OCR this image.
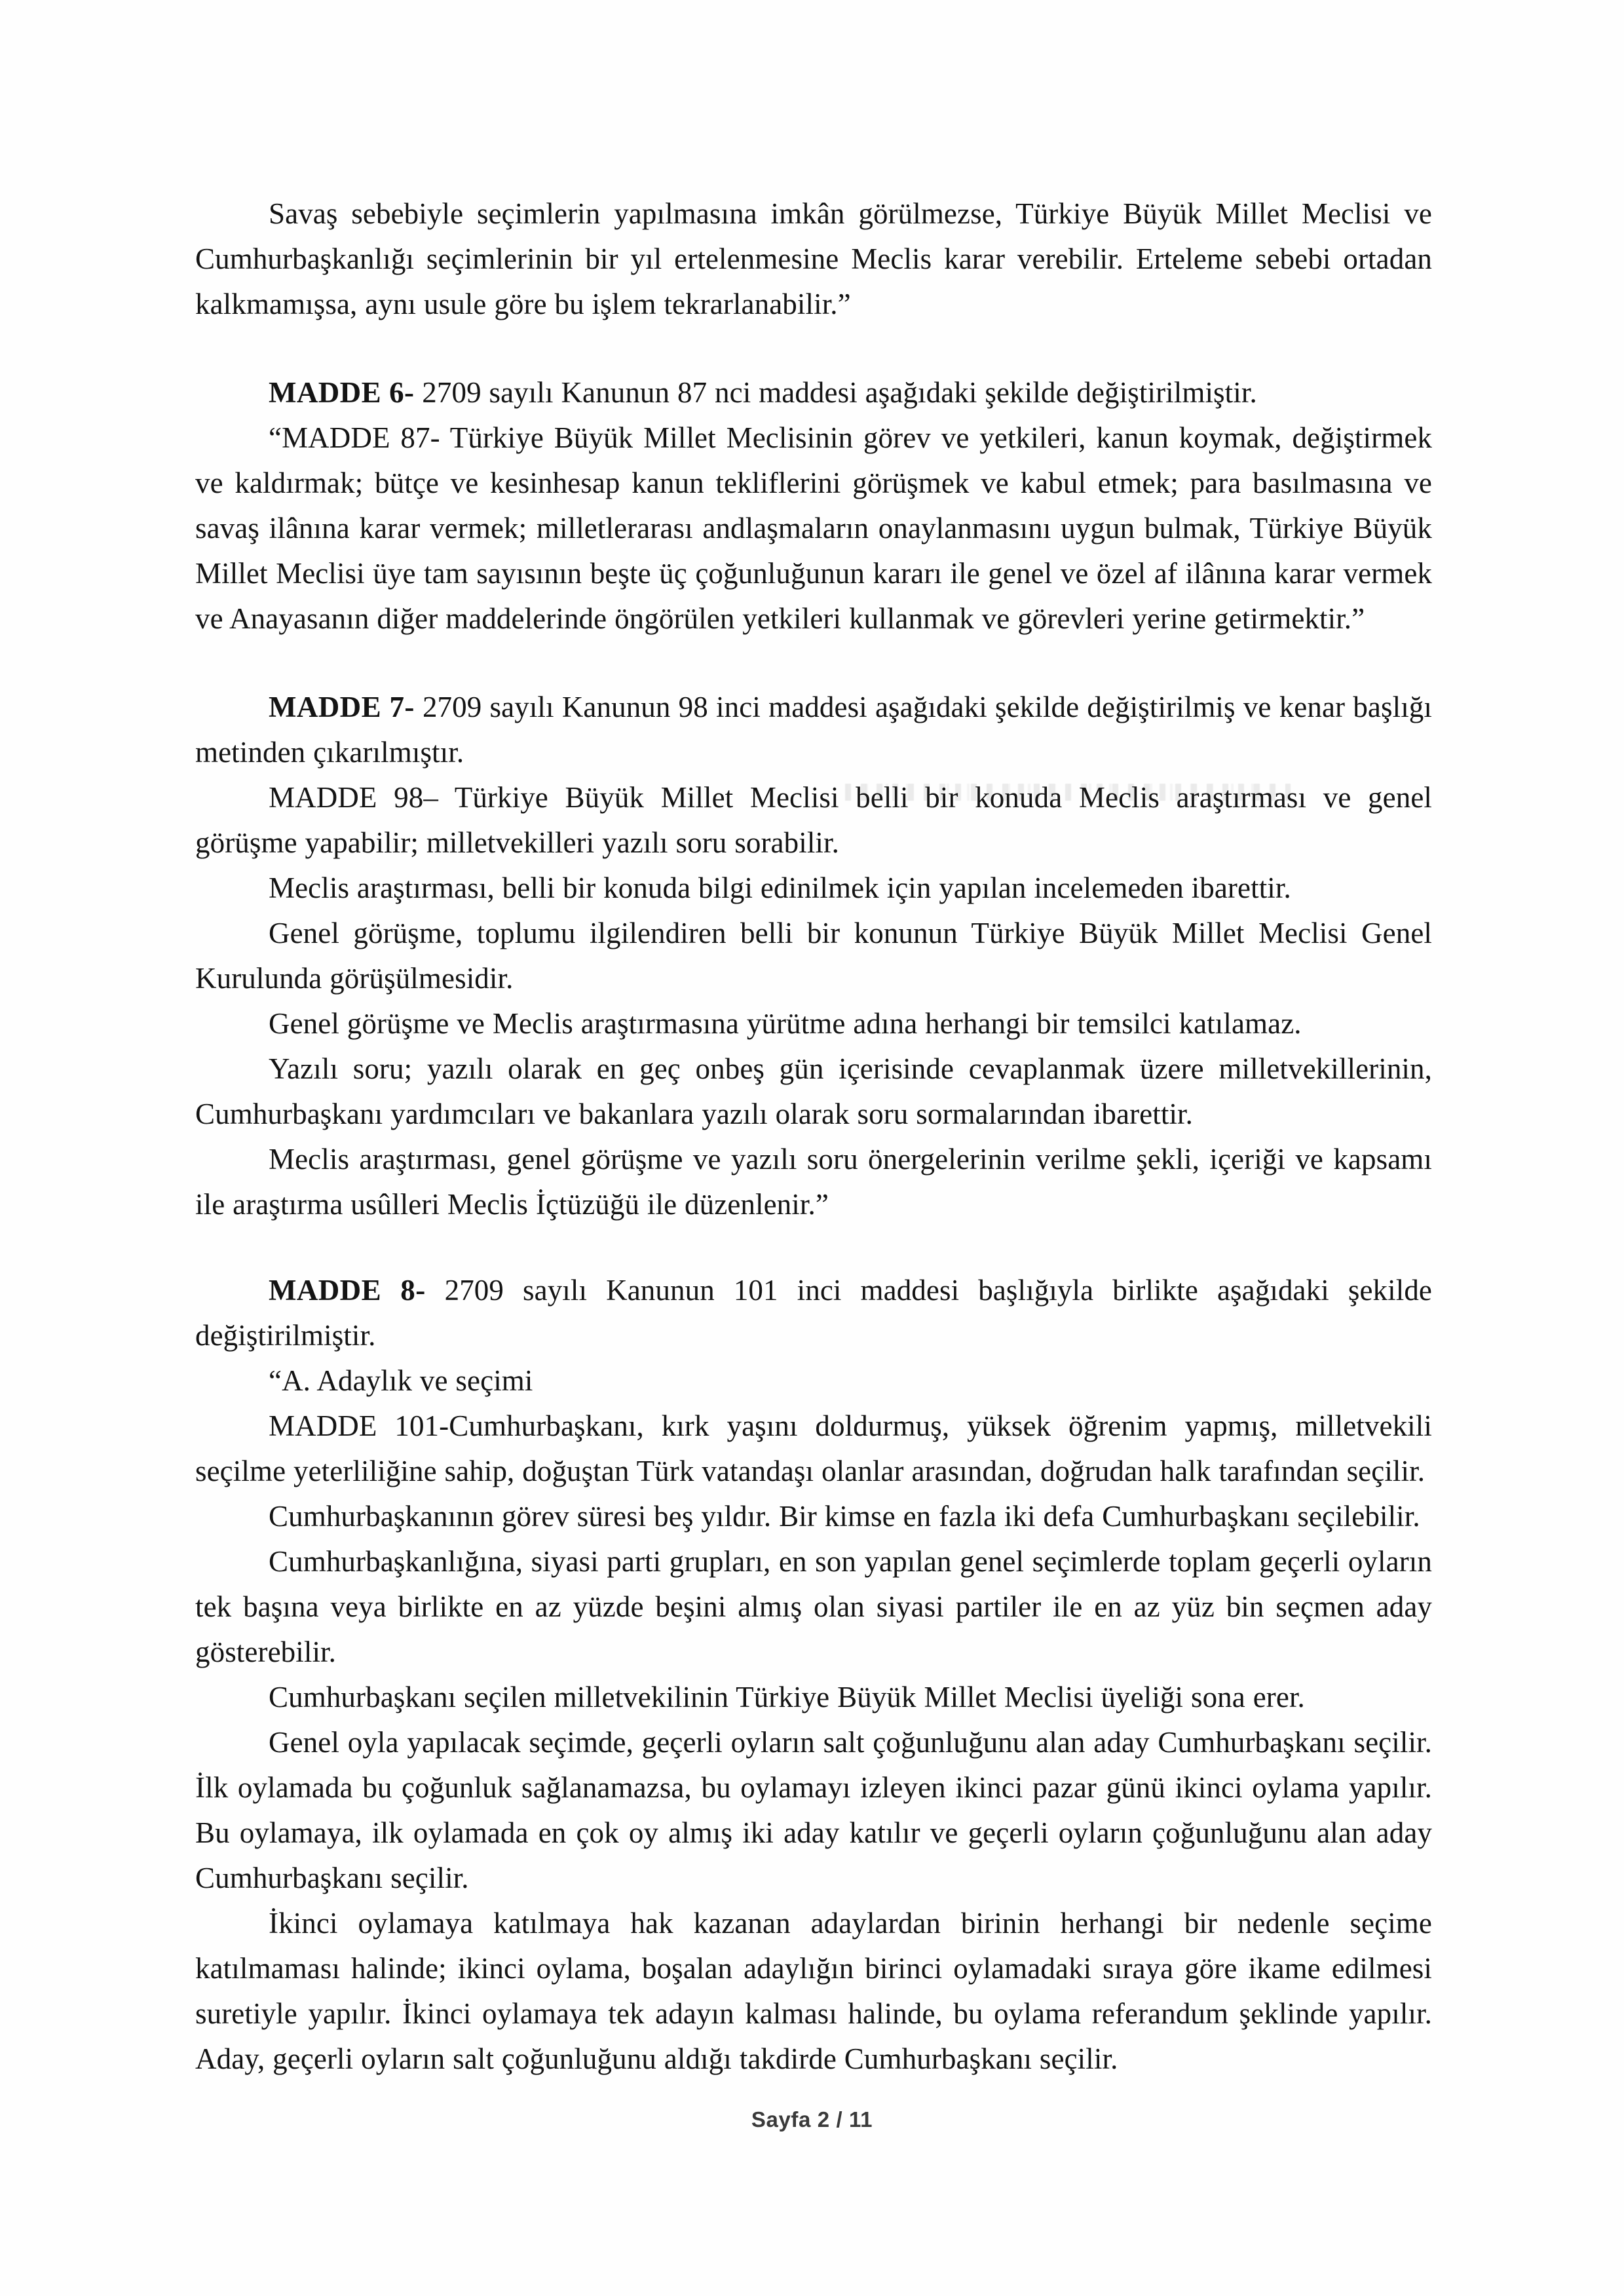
Savaş sebebiyle seçimlerin yapılmasına imkân görülmezse, Türkiye Büyük Millet Meclisi ve Cumhurbaşkanlığı seçimlerinin bir yıl ertelenmesine Meclis karar verebilir. Erteleme sebebi ortadan kalkmamışsa, aynı usule göre bu işlem tekrarlanabilir.”

MADDE 6- 2709 sayılı Kanunun 87 nci maddesi aşağıdaki şekilde değiştirilmiştir.

“MADDE 87- Türkiye Büyük Millet Meclisinin görev ve yetkileri, kanun koymak, değiştirmek ve kaldırmak; bütçe ve kesinhesap kanun tekliflerini görüşmek ve kabul etmek; para basılmasına ve savaş ilânına karar vermek; milletlerarası andlaşmaların onaylanmasını uygun bulmak, Türkiye Büyük Millet Meclisi üye tam sayısının beşte üç çoğunluğunun kararı ile genel ve özel af ilânına karar vermek ve Anayasanın diğer maddelerinde öngörülen yetkileri kullanmak ve görevleri yerine getirmektir.”

MADDE 7- 2709 sayılı Kanunun 98 inci maddesi aşağıdaki şekilde değiştirilmiş ve kenar başlığı metinden çıkarılmıştır.

MADDE 98– Türkiye Büyük Millet Meclisi belli bir konuda Meclis araştırması ve genel görüşme yapabilir; milletvekilleri yazılı soru sorabilir.

Meclis araştırması, belli bir konuda bilgi edinilmek için yapılan incelemeden ibarettir.

Genel görüşme, toplumu ilgilendiren belli bir konunun Türkiye Büyük Millet Meclisi Genel Kurulunda görüşülmesidir.

Genel görüşme ve Meclis araştırmasına yürütme adına herhangi bir temsilci katılamaz.

Yazılı soru; yazılı olarak en geç onbeş gün içerisinde cevaplanmak üzere milletvekillerinin, Cumhurbaşkanı yardımcıları ve bakanlara yazılı olarak soru sormalarından ibarettir.

Meclis araştırması, genel görüşme ve yazılı soru önergelerinin verilme şekli, içeriği ve kapsamı ile araştırma usûlleri Meclis İçtüzüğü ile düzenlenir.”

MADDE 8- 2709 sayılı Kanunun 101 inci maddesi başlığıyla birlikte aşağıdaki şekilde değiştirilmiştir.

“A. Adaylık ve seçimi

MADDE 101-Cumhurbaşkanı, kırk yaşını doldurmuş, yüksek öğrenim yapmış, milletvekili seçilme yeterliliğine sahip, doğuştan Türk vatandaşı olanlar arasından, doğrudan halk tarafından seçilir.

Cumhurbaşkanının görev süresi beş yıldır. Bir kimse en fazla iki defa Cumhurbaşkanı seçilebilir.

Cumhurbaşkanlığına, siyasi parti grupları, en son yapılan genel seçimlerde toplam geçerli oyların tek başına veya birlikte en az yüzde beşini almış olan siyasi partiler ile en az yüz bin seçmen aday gösterebilir.

Cumhurbaşkanı seçilen milletvekilinin Türkiye Büyük Millet Meclisi üyeliği sona erer.

Genel oyla yapılacak seçimde, geçerli oyların salt çoğunluğunu alan aday Cumhurbaşkanı seçilir. İlk oylamada bu çoğunluk sağlanamazsa, bu oylamayı izleyen ikinci pazar günü ikinci oylama yapılır. Bu oylamaya, ilk oylamada en çok oy almış iki aday katılır ve geçerli oyların çoğunluğunu alan aday Cumhurbaşkanı seçilir.

İkinci oylamaya katılmaya hak kazanan adaylardan birinin herhangi bir nedenle seçime katılmaması halinde; ikinci oylama, boşalan adaylığın birinci oylamadaki sıraya göre ikame edilmesi suretiyle yapılır. İkinci oylamaya tek adayın kalması halinde, bu oylama referandum şeklinde yapılır. Aday, geçerli oyların salt çoğunluğunu aldığı takdirde Cumhurbaşkanı seçilir.

Sayfa 2 / 11
